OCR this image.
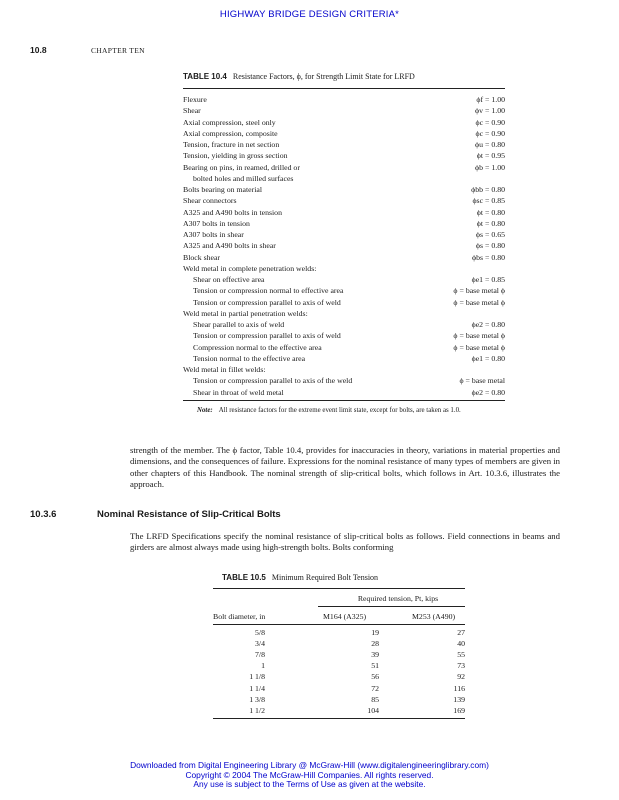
HIGHWAY BRIDGE DESIGN CRITERIA*
10.8	CHAPTER TEN
TABLE 10.4 Resistance Factors, ϕ, for Strength Limit State for LRFD
Flexure	ϕf = 1.00
Shear	ϕv = 1.00
Axial compression, steel only	ϕc = 0.90
Axial compression, composite	ϕc = 0.90
Tension, fracture in net section	ϕu = 0.80
Tension, yielding in gross section	ϕt = 0.95
Bearing on pins, in reamed, drilled or	ϕb = 1.00
bolted holes and milled surfaces
Bolts bearing on material	ϕbb = 0.80
Shear connectors	ϕsc = 0.85
A325 and A490 bolts in tension	ϕt = 0.80
A307 bolts in tension	ϕt = 0.80
A307 bolts in shear	ϕs = 0.65
A325 and A490 bolts in shear	ϕs = 0.80
Block shear	ϕbs = 0.80
Weld metal in complete penetration welds:
Shear on effective area	ϕe1 = 0.85
Tension or compression normal to effective area	ϕ = base metal ϕ
Tension or compression parallel to axis of weld	ϕ = base metal ϕ
Weld metal in partial penetration welds:
Shear parallel to axis of weld	ϕe2 = 0.80
Tension or compression parallel to axis of weld	ϕ = base metal ϕ
Compression normal to the effective area	ϕ = base metal ϕ
Tension normal to the effective area	ϕe1 = 0.80
Weld metal in fillet welds:
Tension or compression parallel to axis of the weld	ϕ = base metal
Shear in throat of weld metal	ϕe2 = 0.80
Note: All resistance factors for the extreme event limit state, except for bolts, are taken as 1.0.
strength of the member. The ϕ factor, Table 10.4, provides for inaccuracies in theory, variations in material properties and dimensions, and the consequences of failure. Expressions for the nominal resistance of many types of members are given in other chapters of this Handbook. The nominal strength of slip-critical bolts, which follows in Art. 10.3.6, illustrates the approach.
10.3.6	Nominal Resistance of Slip-Critical Bolts
The LRFD Specifications specify the nominal resistance of slip-critical bolts as follows. Field connections in beams and girders are almost always made using high-strength bolts. Bolts conforming
TABLE 10.5 Minimum Required Bolt Tension
Required tension, Pt, kips
Bolt diameter, in	M164 (A325)	M253 (A490)
5/8	19	27
3/4	28	40
7/8	39	55
1	51	73
1 1/8	56	92
1 1/4	72	116
1 3/8	85	139
1 1/2	104	169
Downloaded from Digital Engineering Library @ McGraw-Hill (www.digitalengineeringlibrary.com)
Copyright © 2004 The McGraw-Hill Companies. All rights reserved.
Any use is subject to the Terms of Use as given at the website.
